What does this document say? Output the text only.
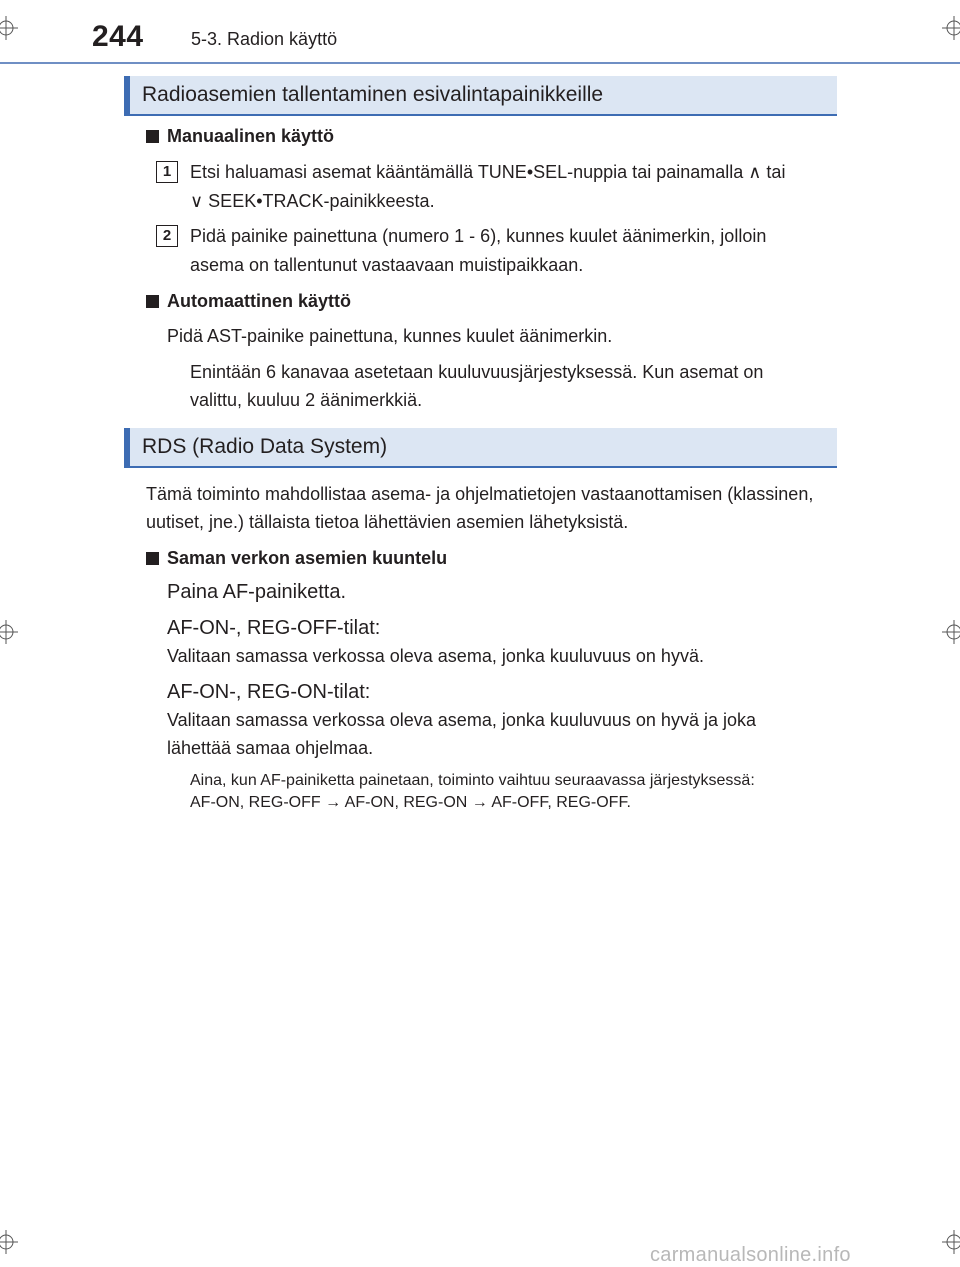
244	5-3. Radion käyttö
Radioasemien tallentaminen esivalintapainikkeille
Manuaalinen käyttö
1	Etsi haluamasi asemat kääntämällä TUNE•SEL-nuppia tai painamalla ∧ tai
∨ SEEK•TRACK-painikkeesta.
2	Pidä painike painettuna (numero 1 - 6), kunnes kuulet äänimerkin, jolloin
asema on tallentunut vastaavaan muistipaikkaan.
Automaattinen käyttö
Pidä AST-painike painettuna, kunnes kuulet äänimerkin.
Enintään 6 kanavaa asetetaan kuuluvuusjärjestyksessä. Kun asemat on
valittu, kuuluu 2 äänimerkkiä.
RDS (Radio Data System)
Tämä toiminto mahdollistaa asema- ja ohjelmatietojen vastaanottamisen (klassinen,
uutiset, jne.) tällaista tietoa lähettävien asemien lähetyksistä.
Saman verkon asemien kuuntelu
Paina AF-painiketta.
AF-ON-, REG-OFF-tilat:
Valitaan samassa verkossa oleva asema, jonka kuuluvuus on hyvä.
AF-ON-, REG-ON-tilat:
Valitaan samassa verkossa oleva asema, jonka kuuluvuus on hyvä ja joka
lähettää samaa ohjelmaa.
Aina, kun AF-painiketta painetaan, toiminto vaihtuu seuraavassa järjestyksessä:
AF-ON, REG-OFF → AF-ON, REG-ON → AF-OFF, REG-OFF.
carmanualsonline.info
